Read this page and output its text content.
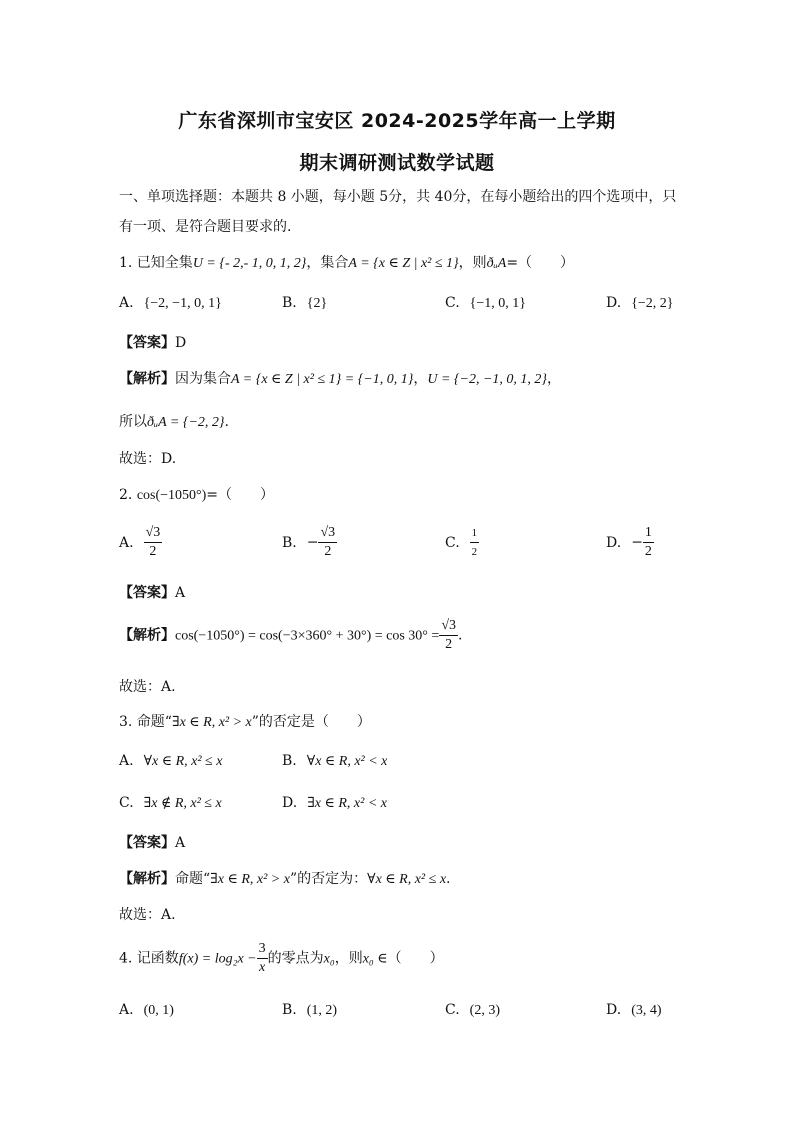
广东省深圳市宝安区 2024-2025学年高一上学期
期末调研测试数学试题
一、单项选择题：本题共 8 小题，每小题 5分，共 40分，在每小题给出的四个选项中，只
有一项、是符合题目要求的.
1. 已知全集U = {- 2,- 1, 0, 1, 2}，集合A = {x ∈ Z | x² ≤ 1}，则ðᵤA=（　　）
A. {−2, −1, 0, 1}	B. {2}	C. {−1, 0, 1}	D. {−2, 2}
【答案】D
【解析】因为集合A = {x ∈ Z | x² ≤ 1} = {−1, 0, 1}，U = {−2, −1, 0, 1, 2}，
所以ðᵤA = {−2, 2}.
故选：D.
2. cos(−1050°)=（　　）
A. $\frac{√3}{2}$	B. − $\frac{√3}{2}$	C. $\frac{1}{2}$	D. − $\frac{1}{2}$
【答案】A
【解析】$\cos(-1050^\circ) = \cos(-3\times 360^\circ + 30^\circ) = \cos 30^\circ = \frac{√3}{2}$ .
故选：A.
3. 命题“∃x ∈ R, x² > x”的否定是（　　）
A. ∀x ∈ R, x² ≤ x	B. ∀x ∈ R, x² < x
C. ∃x ∉ R, x² ≤ x	D. ∃x ∈ R, x² < x
【答案】A
【解析】命题“∃x ∈ R, x² > x”的否定为：∀x ∈ R, x² ≤ x.
故选：A.
4. 记函数$f(x) = \log_2x - \frac{3}{x}$ 的零点为x₀，则x₀ ∈（　　）
A. (0, 1)	B. (1, 2)	C. (2, 3)	D. (3, 4)
